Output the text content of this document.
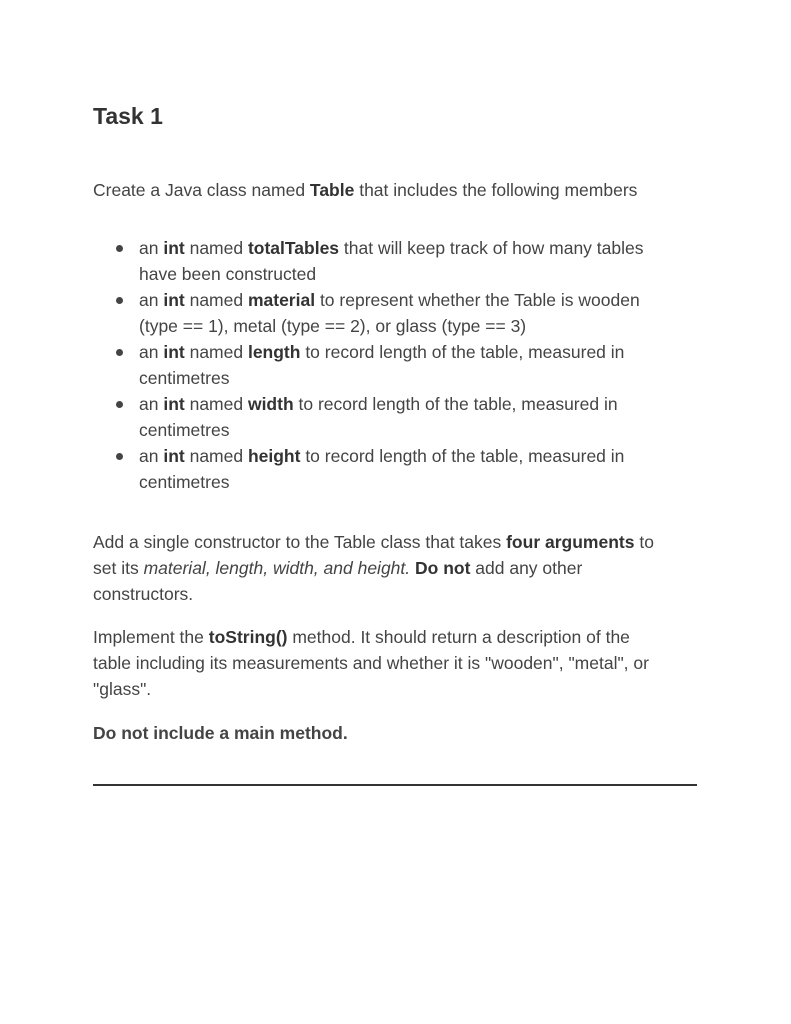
Task 1

Create a Java class named Table that includes the following members

an int named totalTables that will keep track of how many tables
have been constructed
an int named material to represent whether the Table is wooden
(type == 1), metal (type == 2), or glass (type == 3)
an int named length to record length of the table, measured in
centimetres
an int named width to record length of the table, measured in
centimetres
an int named height to record length of the table, measured in
centimetres

Add a single constructor to the Table class that takes four arguments to
set its material, length, width, and height. Do not add any other
constructors.

Implement the toString() method. It should return a description of the
table including its measurements and whether it is "wooden", "metal", or
"glass".

Do not include a main method.
